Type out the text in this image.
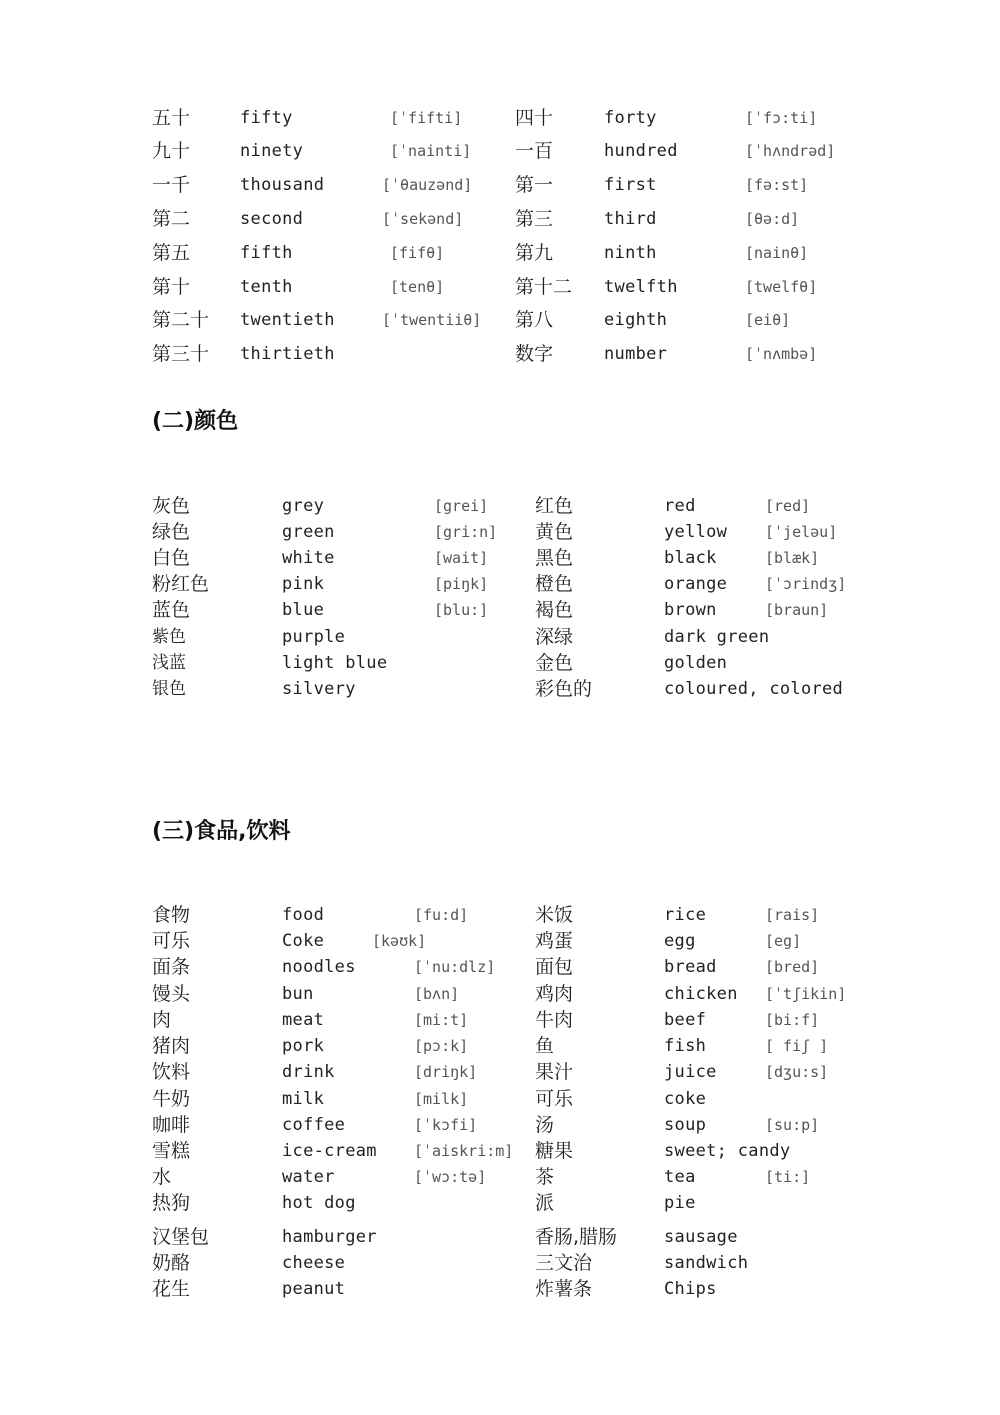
五十	fifty	[ˈfifti]	四十	forty	[ˈfɔ:ti]
九十	ninety	[ˈnainti] 一百	hundred	[ˈhʌndrəd]
一千	thousand	[ˈθauzənd] 第一	first	[fə:st]
第二	second	[ˈsekənd]	第三	third	[θə:d]
第五	fifth	[fifθ]	第九	ninth	[nainθ]
第十	tenth	[tenθ]	第十二 twelfth	[twelfθ]
第二十 twentieth	[ˈtwentiiθ] 第八	eighth	[eiθ]
第三十 thirtieth	数字	number	[ˈnʌmbə]
(二)颜色
灰色	grey	[grei] 红色	red	[red]
绿色	green	[gri:n] 黄色	yellow	[ˈjeləu]
白色	white	[wait] 黑色	black	[blæk]
粉红色	pink	[piŋk] 橙色	orange	[ˈɔrindʒ]
蓝色	blue	[blu:] 褐色	brown	[braun]
紫色	purple	深绿	dark green
浅蓝	light blue	金色	golden
银色	silvery	彩色的	coloured, colored
(三)食品,饮料
食物	food	[fu:d]	米饭	rice	[rais]
可乐	Coke	[kəʊk]	鸡蛋	egg	[eg]
面条	noodles	[ˈnu:dlz] 面包	bread	[bred]
馒头	bun	[bʌn]	鸡肉	chicken [ˈtʃikin]
肉	meat	[mi:t]	牛肉	beef	[bi:f]
猪肉	pork	[pɔ:k]	鱼	fish	[ fiʃ ]
饮料	drink	[driŋk]	果汁	juice	[dʒu:s]
牛奶	milk	[milk]	可乐	coke
咖啡	coffee	[ˈkɔfi]	汤	soup	[su:p]
雪糕	ice-cream [ˈaiskri:m] 糖果	sweet; candy
水	water	[ˈwɔ:tə]	茶	tea	[ti:]
热狗	hot dog	派	pie
汉堡包	hamburger	香肠,腊肠	sausage
奶酪	cheese	三文治	sandwich
花生	peanut	炸薯条	Chips
